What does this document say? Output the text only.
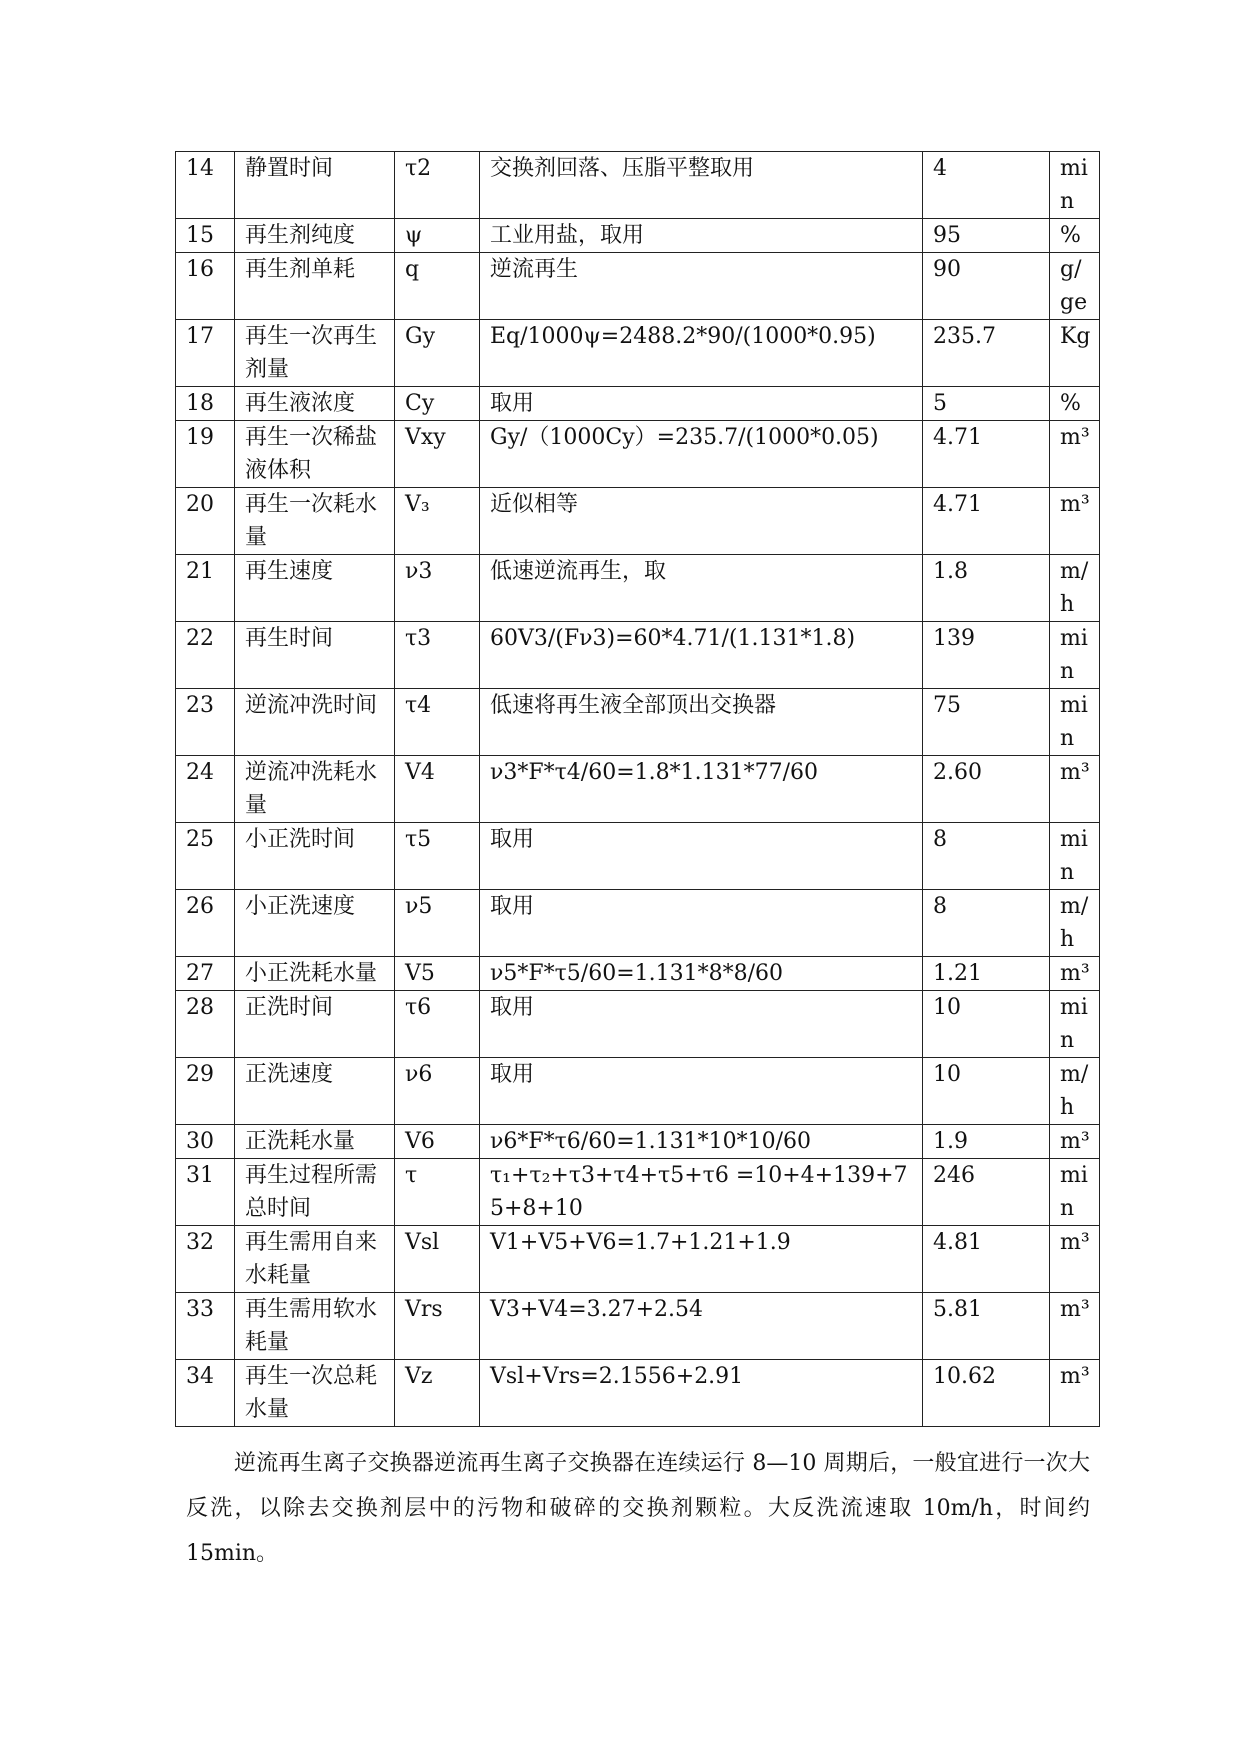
14	静置时间	τ2	交换剂回落、压脂平整取用	4	min
15	再生剂纯度	ψ	工业用盐，取用	95	%
16	再生剂单耗	q	逆流再生	90	g/ge
17	再生一次再生剂量	Gy	Eq/1000ψ=2488.2*90/(1000*0.95)	235.7	Kg
18	再生液浓度	Cy	取用	5	%
19	再生一次稀盐液体积	Vxy	Gy/（1000Cy）=235.7/(1000*0.05)	4.71	m³
20	再生一次耗水量	V₃	近似相等	4.71	m³
21	再生速度	ν3	低速逆流再生，取	1.8	m/h
22	再生时间	τ3	60V3/(Fν3)=60*4.71/(1.131*1.8)	139	min
23	逆流冲洗时间	τ4	低速将再生液全部顶出交换器	75	min
24	逆流冲洗耗水量	V4	ν3*F*τ4/60=1.8*1.131*77/60	2.60	m³
25	小正洗时间	τ5	取用	8	min
26	小正洗速度	ν5	取用	8	m/h
27	小正洗耗水量	V5	ν5*F*τ5/60=1.131*8*8/60	1.21	m³
28	正洗时间	τ6	取用	10	min
29	正洗速度	ν6	取用	10	m/h
30	正洗耗水量	V6	ν6*F*τ6/60=1.131*10*10/60	1.9	m³
31	再生过程所需总时间	τ	τ₁+τ₂+τ3+τ4+τ5+τ6 =10+4+139+75+8+10	246	min
32	再生需用自来水耗量	Vsl	V1+V5+V6=1.7+1.21+1.9	4.81	m³
33	再生需用软水耗量	Vrs	V3+V4=3.27+2.54	5.81	m³
34	再生一次总耗水量	Vz	Vsl+Vrs=2.1556+2.91	10.62	m³

逆流再生离子交换器逆流再生离子交换器在连续运行 8—10 周期后，一般宜进行一次大反洗，以除去交换剂层中的污物和破碎的交换剂颗粒。大反洗流速取 10m/h，时间约 15min。
